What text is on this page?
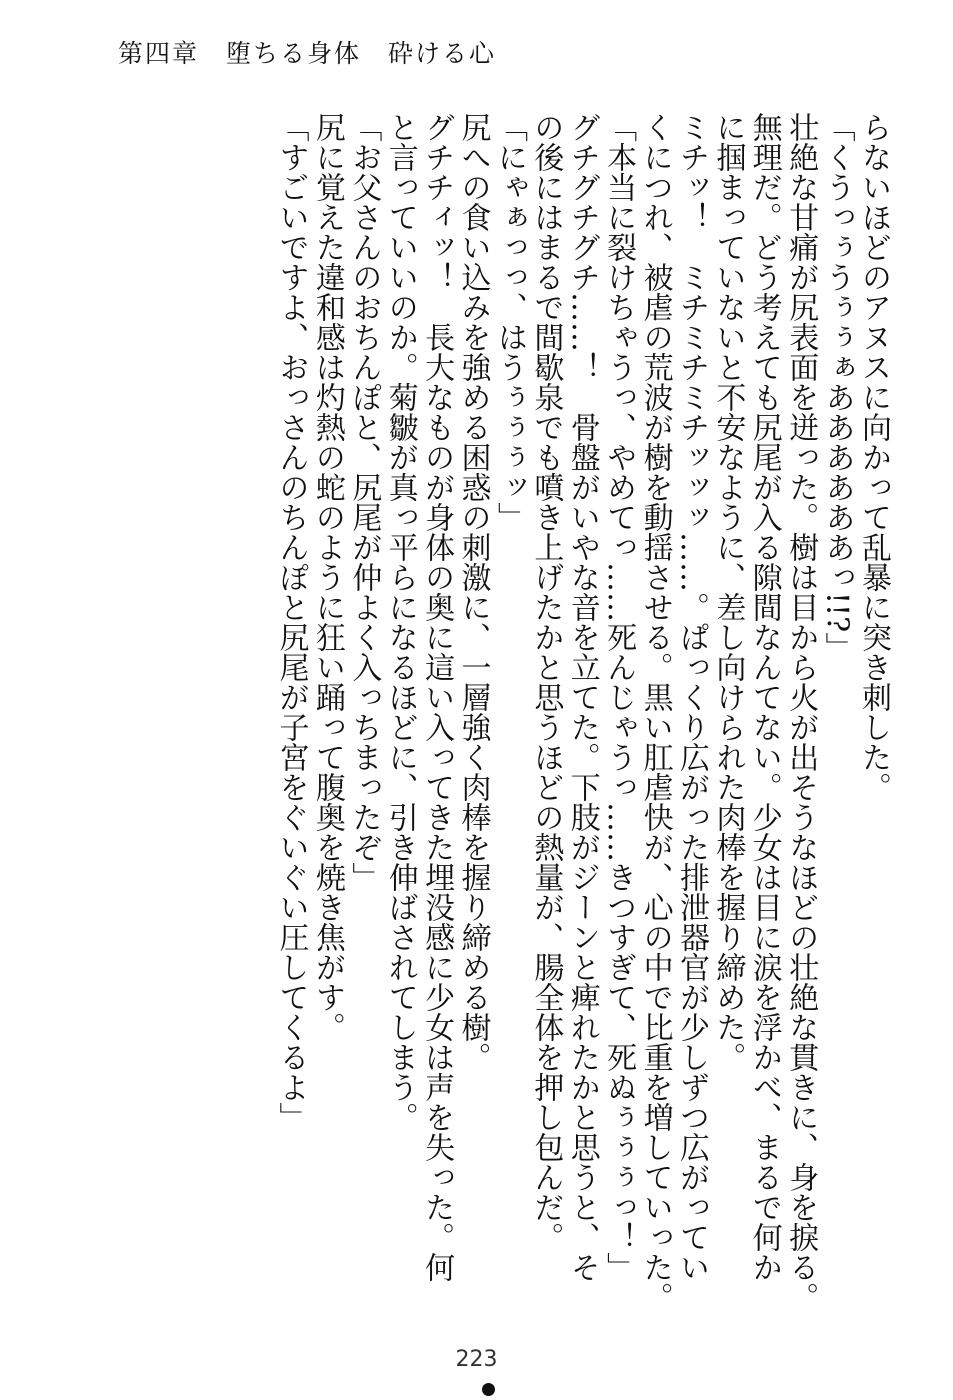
第四章　堕ちる身体　砕ける心

らないほどのアヌスに向かって乱暴に突き刺した。

「くうっぅうぅぅぁああああああっ!!?」

壮絶な甘痛が尻表面を迸った。樹は目から火が出そうなほどの壮絶な貫きに、身を捩る。

無理だ。どう考えても尻尾が入る隙間なんてない。少女は目に涙を浮かべ、まるで何か

に掴まっていないと不安なように、差し向けられた肉棒を握り締めた。

ミチッ！　ミチミチミチッッッ……。ぱっくり広がった排泄器官が少しずつ広がってい

くにつれ、被虐の荒波が樹を動揺させる。黒い肛虐快が、心の中で比重を増していった。

「本当に裂けちゃうっ、やめてっ……死んじゃうっ……きつすぎて、死ぬぅぅぅっ！」

グチグチグチ……！　骨盤がいやな音を立てた。下肢がジーンと痺れたかと思うと、そ

の後にはまるで間歇泉でも噴き上げたかと思うほどの熱量が、腸全体を押し包んだ。

「にゃぁっっ、はうぅぅぅッ」

尻への食い込みを強める困惑の刺激に、一層強く肉棒を握り締める樹。

グチチィッ！　長大なものが身体の奥に這い入ってきた埋没感に少女は声を失った。何

と言っていいのか。菊皺が真っ平らになるほどに、引き伸ばされてしまう。

「お父さんのおちんぽと、尻尾が仲よく入っちまったぞ」

尻に覚えた違和感は灼熱の蛇のように狂い踊って腹奥を焼き焦がす。

「すごいですよ、おっさんのちんぽと尻尾が子宮をぐいぐい圧してくるよ」

223
